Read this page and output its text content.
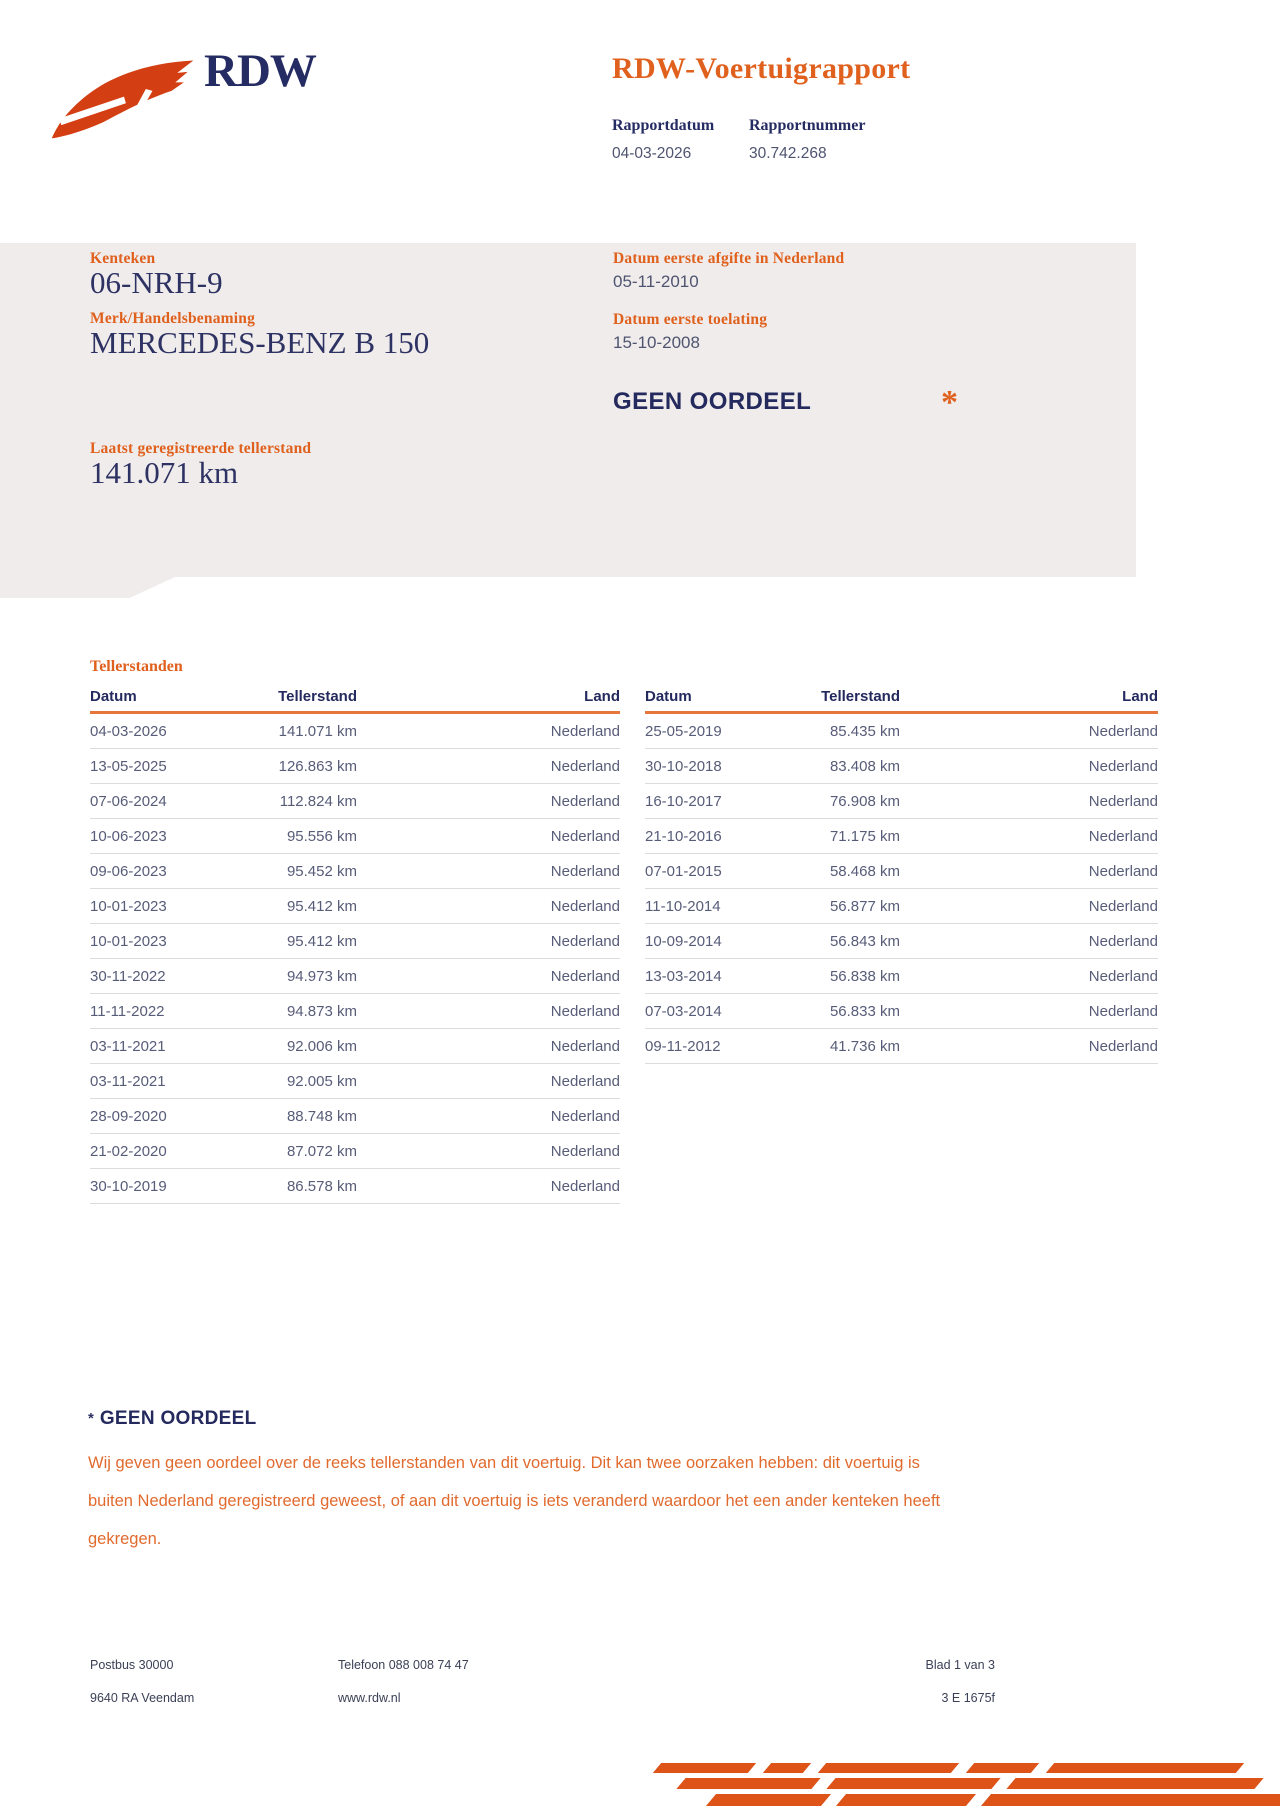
RDW	RDW-Voertuigrapport
Rapportdatum
04-03-2026
Rapportnummer
30.742.268
Kenteken
06-NRH-9
Merk/Handelsbenaming
MERCEDES-BENZ B 150
Laatst geregistreerde tellerstand
141.071 km
Datum eerste afgifte in Nederland
05-11-2010
Datum eerste toelating
15-10-2008
GEEN OORDEEL	*
Tellerstanden
Datum	Tellerstand	Land
04-03-2026	141.071 km	Nederland
13-05-2025	126.863 km	Nederland
07-06-2024	112.824 km	Nederland
10-06-2023	95.556 km	Nederland
09-06-2023	95.452 km	Nederland
10-01-2023	95.412 km	Nederland
10-01-2023	95.412 km	Nederland
30-11-2022	94.973 km	Nederland
11-11-2022	94.873 km	Nederland
03-11-2021	92.006 km	Nederland
03-11-2021	92.005 km	Nederland
28-09-2020	88.748 km	Nederland
21-02-2020	87.072 km	Nederland
30-10-2019	86.578 km	Nederland
Datum	Tellerstand	Land
25-05-2019	85.435 km	Nederland
30-10-2018	83.408 km	Nederland
16-10-2017	76.908 km	Nederland
21-10-2016	71.175 km	Nederland
07-01-2015	58.468 km	Nederland
11-10-2014	56.877 km	Nederland
10-09-2014	56.843 km	Nederland
13-03-2014	56.838 km	Nederland
07-03-2014	56.833 km	Nederland
09-11-2012	41.736 km	Nederland
* GEEN OORDEEL
Wij geven geen oordeel over de reeks tellerstanden van dit voertuig. Dit kan twee oorzaken hebben: dit voertuig is buiten Nederland geregistreerd geweest, of aan dit voertuig is iets veranderd waardoor het een ander kenteken heeft gekregen.
Postbus 30000
9640 RA Veendam
Telefoon 088 008 74 47
www.rdw.nl
Blad 1 van 3
3 E 1675f
